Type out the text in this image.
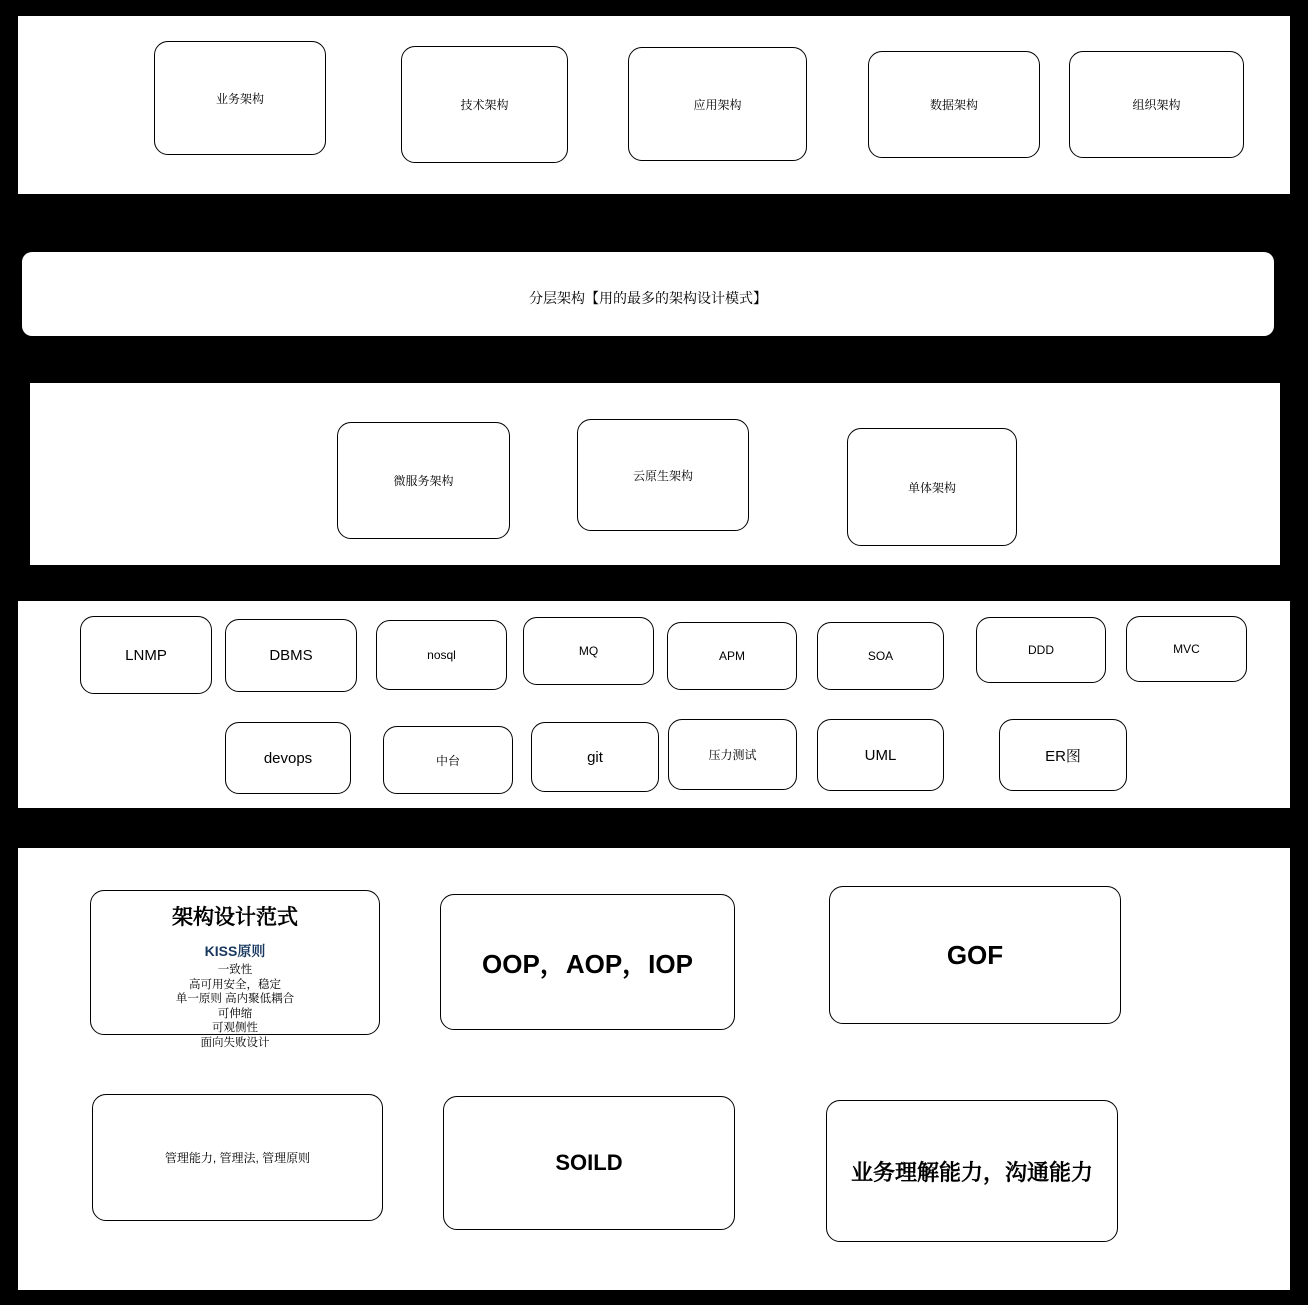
业务架构	技术架构	应用架构	数据架构	组织架构
分层架构【用的最多的架构设计模式】
微服务架构	云原生架构
单体架构
LNMP	DBMS	nosql	MQ	APM	SOA	DDD	MVC
devops	中台	git	压力测试	UML	ER图
架构设计范式
KISS原则
一致性
高可用安全，稳定
单一原则 高内聚低耦合
可伸缩
可观侧性
面向失败设计
OOP，AOP，IOP	GOF
管理能力, 管理法, 管理原则	SOILD	业务理解能力，沟通能力
